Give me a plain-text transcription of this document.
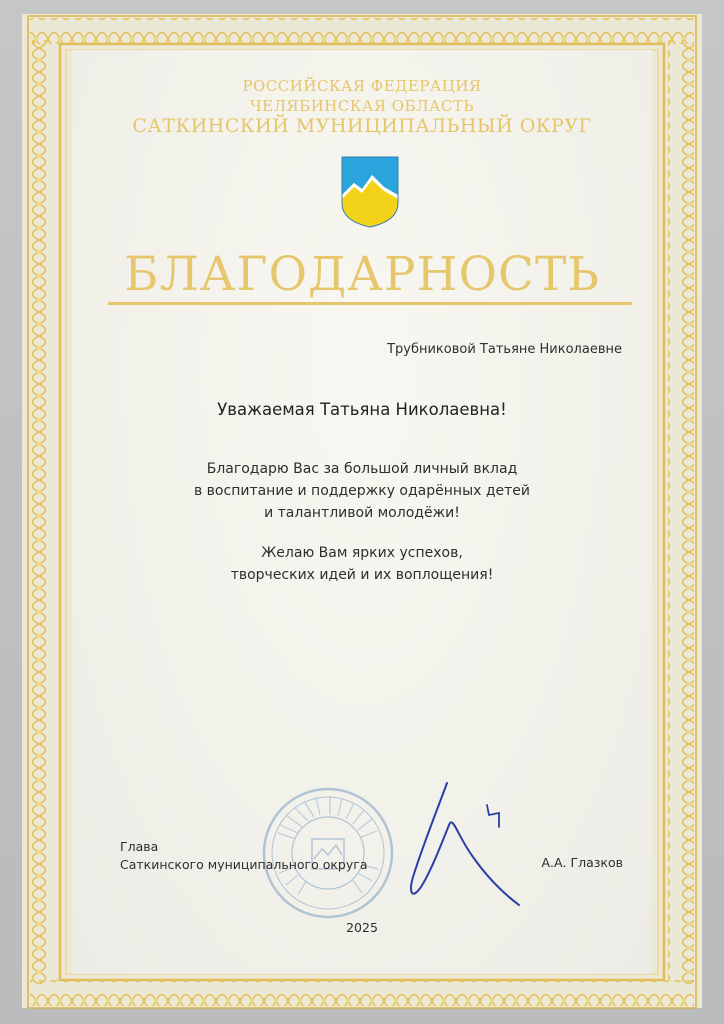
РОССИЙСКАЯ ФЕДЕРАЦИЯ
ЧЕЛЯБИНСКАЯ ОБЛАСТЬ
САТКИНСКИЙ МУНИЦИПАЛЬНЫЙ ОКРУГ
БЛАГОДАРНОСТЬ
Трубниковой Татьяне Николаевне
Уважаемая Татьяна Николаевна!
Благодарю Вас за большой личный вклад
в воспитание и поддержку одарённых детей
и талантливой молодёжи!
Желаю Вам ярких успехов,
творческих идей и их воплощения!
Глава
Саткинского муниципального округа	А.А. Глазков
2025
